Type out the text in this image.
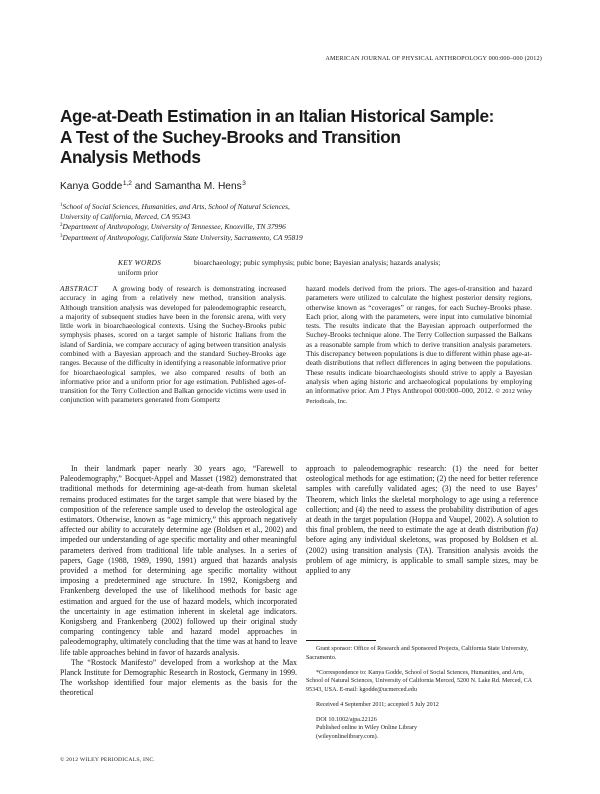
AMERICAN JOURNAL OF PHYSICAL ANTHROPOLOGY 000:000–000 (2012)
Age-at-Death Estimation in an Italian Historical Sample:
A Test of the Suchey-Brooks and Transition
Analysis Methods
Kanya Godde$^{1,2}$ and Samantha M. Hens$^3$
$^1$School of Social Sciences, Humanities, and Arts, School of Natural Sciences,
University of California, Merced, CA 95343
$^2$Department of Anthropology, University of Tennessee, Knoxville, TN 37996
$^3$Department of Anthropology, California State University, Sacramento, CA 95819
KEY WORDS	bioarchaeology; pubic symphysis; pubic bone; Bayesian analysis; hazards analysis;
uniform prior
ABSTRACT A growing body of research is demonstrating increased accuracy in aging from a relatively new method, transition analysis. Although transition analysis was developed for paleodemographic research, a majority of subsequent studies have been in the forensic arena, with very little work in bioarchaeological contexts. Using the Suchey-Brooks pubic symphysis phases, scored on a target sample of historic Italians from the island of Sardinia, we compare accuracy of aging between transition analysis combined with a Bayesian approach and the standard Suchey-Brooks age ranges. Because of the difficulty in identifying a reasonable informative prior for bioarchaeological samples, we also compared results of both an informative prior and a uniform prior for age estimation. Published ages-of-transition for the Terry Collection and Balkan genocide victims were used in conjunction with parameters generated from Gompertz
hazard models derived from the priors. The ages-of-transition and hazard parameters were utilized to calculate the highest posterior density regions, otherwise known as “coverages” or ranges, for each Suchey-Brooks phase. Each prior, along with the parameters, were input into cumulative binomial tests. The results indicate that the Bayesian approach outperformed the Suchey-Brooks technique alone. The Terry Collection surpassed the Balkans as a reasonable sample from which to derive transition analysis parameters. This discrepancy between populations is due to different within phase age-at-death distributions that reflect differences in aging between the populations. These results indicate bioarchaeologists should strive to apply a Bayesian analysis when aging historic and archaeological populations by employing an informative prior. Am J Phys Anthropol 000:000–000, 2012. © 2012 Wiley Periodicals, Inc.

In their landmark paper nearly 30 years ago, “Farewell to Paleodemography,” Bocquet-Appel and Masset (1982) demonstrated that traditional methods for determining age-at-death from human skeletal remains produced estimates for the target sample that were biased by the composition of the reference sample used to develop the osteological age estimators. Otherwise, known as “age mimicry,” this approach negatively affected our ability to accurately determine age (Boldsen et al., 2002) and impeded our understanding of age specific mortality and other meaningful parameters derived from traditional life table analyses. In a series of papers, Gage (1988, 1989, 1990, 1991) argued that hazards analysis provided a method for determining age specific mortality without imposing a predetermined age structure. In 1992, Konigsberg and Frankenberg developed the use of likelihood methods for basic age estimation and argued for the use of hazard models, which incorporated the uncertainty in age estimation inherent in skeletal age indicators. Konigsberg and Frankenberg (2002) followed up their original study comparing contingency table and hazard model approaches in paleodemography, ultimately concluding that the time was at hand to leave life table approaches behind in favor of hazards analysis.

The “Rostock Manifesto” developed from a workshop at the Max Planck Institute for Demographic Research in Rostock, Germany in 1999. The workshop identified four major elements as the basis for the theoretical

approach to paleodemographic research: (1) the need for better osteological methods for age estimation; (2) the need for better reference samples with carefully validated ages; (3) the need to use Bayes’ Theorem, which links the skeletal morphology to age using a reference collection; and (4) the need to assess the probability distribution of ages at death in the target population (Hoppa and Vaupel, 2002). A solution to this final problem, the need to estimate the age at death distribution f(a) before aging any individual skeletons, was proposed by Boldsen et al. (2002) using transition analysis (TA). Transition analysis avoids the problem of age mimicry, is applicable to small sample sizes, may be applied to any

Grant sponsor: Office of Research and Sponsored Projects, California State University, Sacramento.

*Correspondence to: Kanya Godde, School of Social Sciences, Humanities, and Arts, School of Natural Sciences, University of California Merced, 5200 N. Lake Rd. Merced, CA 95343, USA. E-mail: kgodde@ucmerced.edu

Received 4 September 2011; accepted 5 July 2012

DOI 10.1002/ajpa.22126

Published online in Wiley Online Library

(wileyonlinelibrary.com).

© 2012 WILEY PERIODICALS, INC.
